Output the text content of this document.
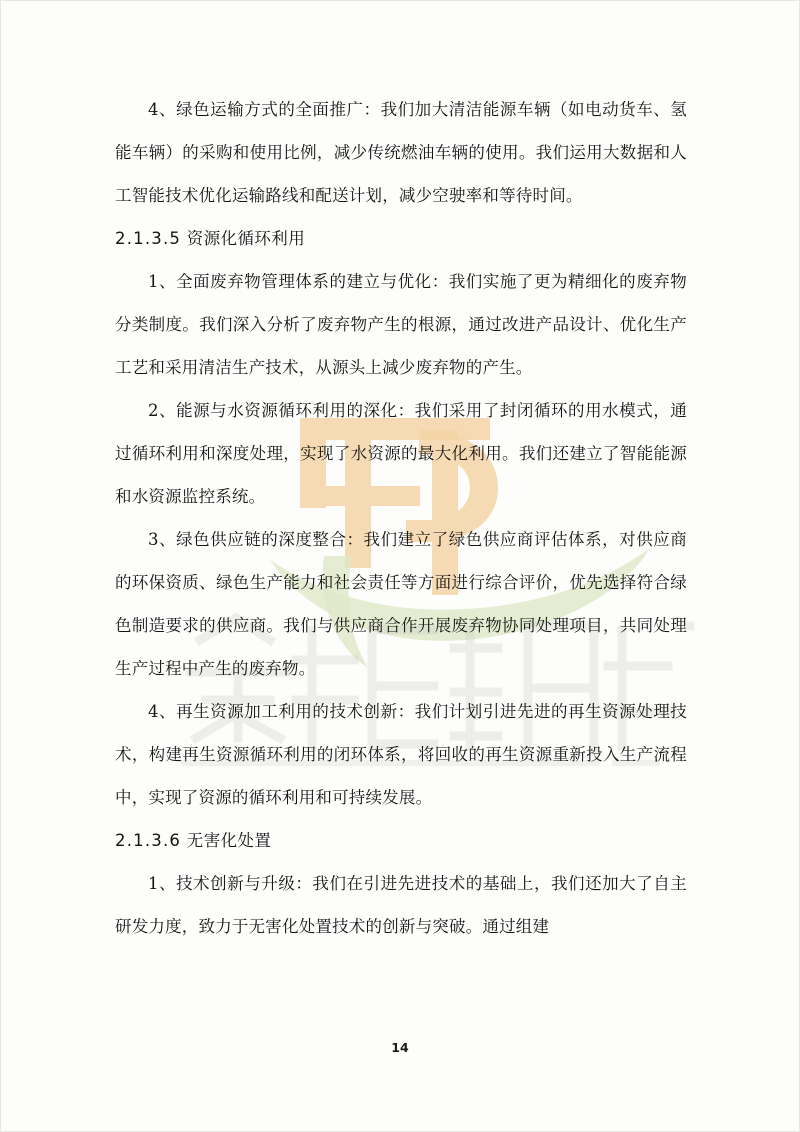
4、绿色运输方式的全面推广：我们加大清洁能源车辆（如电动货车、氢能车辆）的采购和使用比例，减少传统燃油车辆的使用。我们运用大数据和人工智能技术优化运输路线和配送计划，减少空驶率和等待时间。

2.1.3.5 资源化循环利用

1、全面废弃物管理体系的建立与优化：我们实施了更为精细化的废弃物分类制度。我们深入分析了废弃物产生的根源，通过改进产品设计、优化生产工艺和采用清洁生产技术，从源头上减少废弃物的产生。

2、能源与水资源循环利用的深化：我们采用了封闭循环的用水模式，通过循环利用和深度处理，实现了水资源的最大化利用。我们还建立了智能能源和水资源监控系统。

3、绿色供应链的深度整合：我们建立了绿色供应商评估体系，对供应商的环保资质、绿色生产能力和社会责任等方面进行综合评价，优先选择符合绿色制造要求的供应商。我们与供应商合作开展废弃物协同处理项目，共同处理生产过程中产生的废弃物。

4、再生资源加工利用的技术创新：我们计划引进先进的再生资源处理技术，构建再生资源循环利用的闭环体系，将回收的再生资源重新投入生产流程中，实现了资源的循环利用和可持续发展。

2.1.3.6 无害化处置

1、技术创新与升级：我们在引进先进技术的基础上，我们还加大了自主研发力度，致力于无害化处置技术的创新与突破。通过组建

14
